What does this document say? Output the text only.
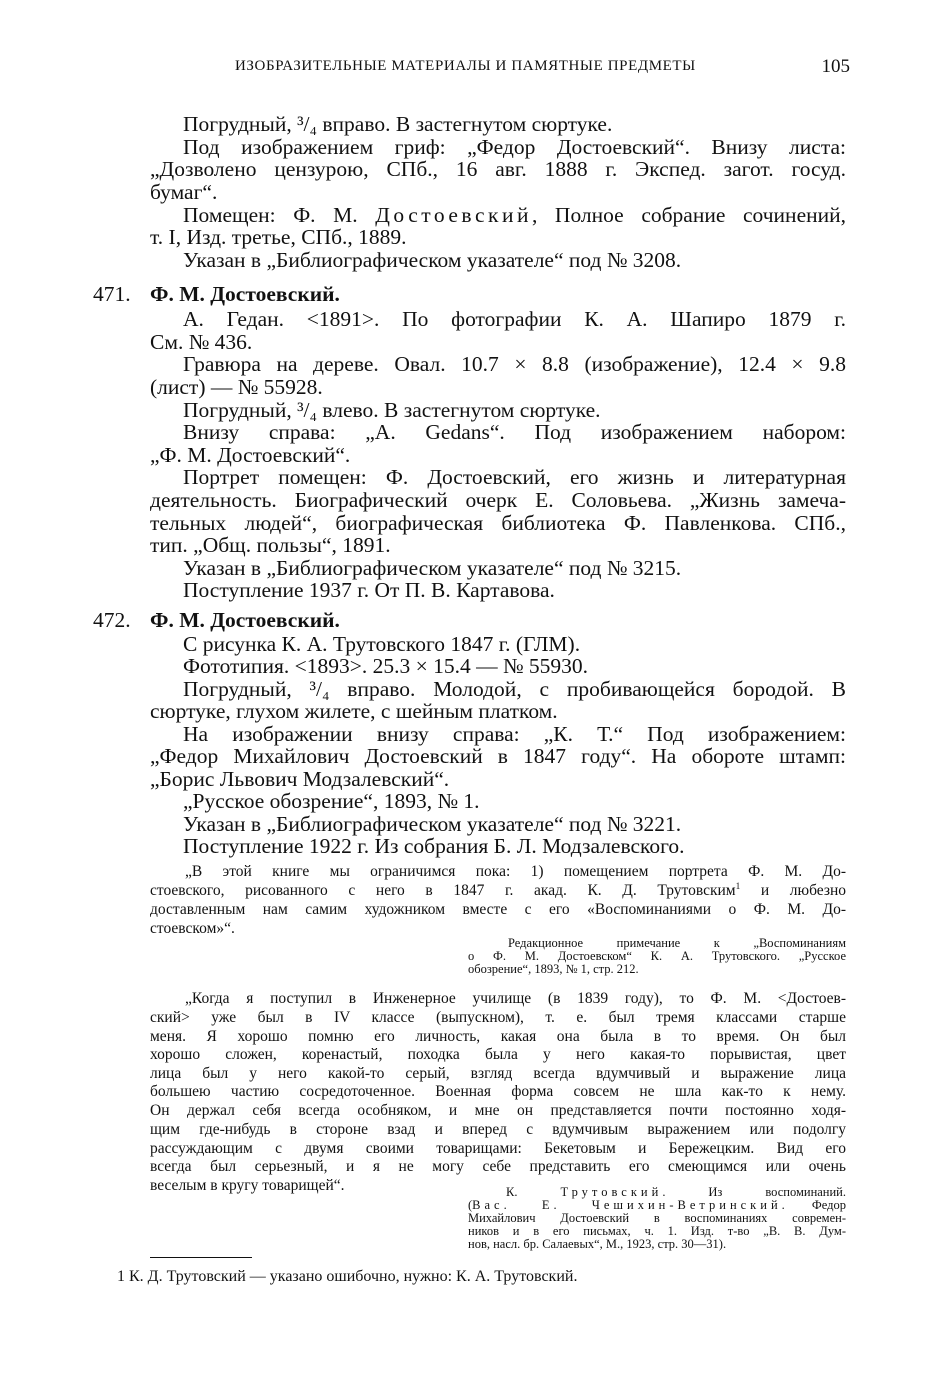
ИЗОБРАЗИТЕЛЬНЫЕ МАТЕРИАЛЫ И ПАМЯТНЫЕ ПРЕДМЕТЫ	105
Погрудный, ³/₄ вправо. В застегнутом сюртуке.
Под изображением гриф: „Федор Достоевский“. Внизу листа:
„Дозволено цензурою, СПб., 16 авг. 1888 г. Экспед. загот. госуд.
бумаг“.
Помещен: Ф. М. Достоевский, Полное собрание сочинений,
т. I, Изд. третье, СПб., 1889.
Указан в „Библиографическом указателе“ под № 3208.
471. Ф. М. Достоевский.
А. Гедан. <1891>. По фотографии К. А. Шапиро 1879 г.
См. № 436.
Гравюра на дереве. Овал. 10.7 × 8.8 (изображение), 12.4 × 9.8
(лист) — № 55928.
Погрудный, ³/₄ влево. В застегнутом сюртуке.
Внизу справа: „A. Gedans“. Под изображением набором:
„Ф. М. Достоевский“.
Портрет помещен: Ф. Достоевский, его жизнь и литературная
деятельность. Биографический очерк Е. Соловьева. „Жизнь замеча-
тельных людей“, биографическая библиотека Ф. Павленкова. СПб.,
тип. „Общ. пользы“, 1891.
Указан в „Библиографическом указателе“ под № 3215.
Поступление 1937 г. От П. В. Картавова.
472. Ф. М. Достоевский.
С рисунка К. А. Трутовского 1847 г. (ГЛМ).
Фототипия. <1893>. 25.3 × 15.4 — № 55930.
Погрудный, ³/₄ вправо. Молодой, с пробивающейся бородой. В
сюртуке, глухом жилете, с шейным платком.
На изображении внизу справа: „К. Т.“ Под изображением:
„Федор Михайлович Достоевский в 1847 году“. На обороте штамп:
„Борис Львович Модзалевский“.
„Русское обозрение“, 1893, № 1.
Указан в „Библиографическом указателе“ под № 3221.
Поступление 1922 г. Из собрания Б. Л. Модзалевского.
„В этой книге мы ограничимся пока: 1) помещением портрета Ф. М. До-
стоевского, рисованного с него в 1847 г. акад. К. Д. Трутовским$^1$ и любезно
доставленным нам самим художником вместе с его «Воспоминаниями о Ф. М. До-
стоевском»“.
Редакционное примечание к „Воспоминаниям
о Ф. М. Достоевском“ К. А. Трутовского. „Русское
обозрение“, 1893, № 1, стр. 212.
„Когда я поступил в Инженерное училище (в 1839 году), то Ф. М. <Достоев-
ский> уже был в IV классе (выпускном), т. е. был тремя классами старше
меня. Я хорошо помню его личность, какая она была в то время. Он был
хорошо сложен, коренастый, походка была у него какая-то порывистая, цвет
лица был у него какой-то серый, взгляд всегда вдумчивый и выражение лица
большею частию сосредоточенное. Военная форма совсем не шла как-то к нему.
Он держал себя всегда особняком, и мне он представляется почти постоянно ходя-
щим где-нибудь в стороне взад и вперед с вдумчивым выражением или подолгу
рассуждающим с двумя своими товарищами: Бекетовым и Бережецким. Вид его
всегда был серьезный, и я не могу себе представить его смеющимся или очень
веселым в кругу товарищей“.	К. Трутовский. Из воспоминаний.
(Вас. Е. Чешихин-Ветринский. Федор
Михайлович Достоевский в воспоминаниях современ-
ников и в его письмах, ч. 1. Изд. т-во „В. В. Дум-
нов, насл. бр. Салаевых“, М., 1923, стр. 30—31).
1 К. Д. Трутовский — указано ошибочно, нужно: К. А. Трутовский.
